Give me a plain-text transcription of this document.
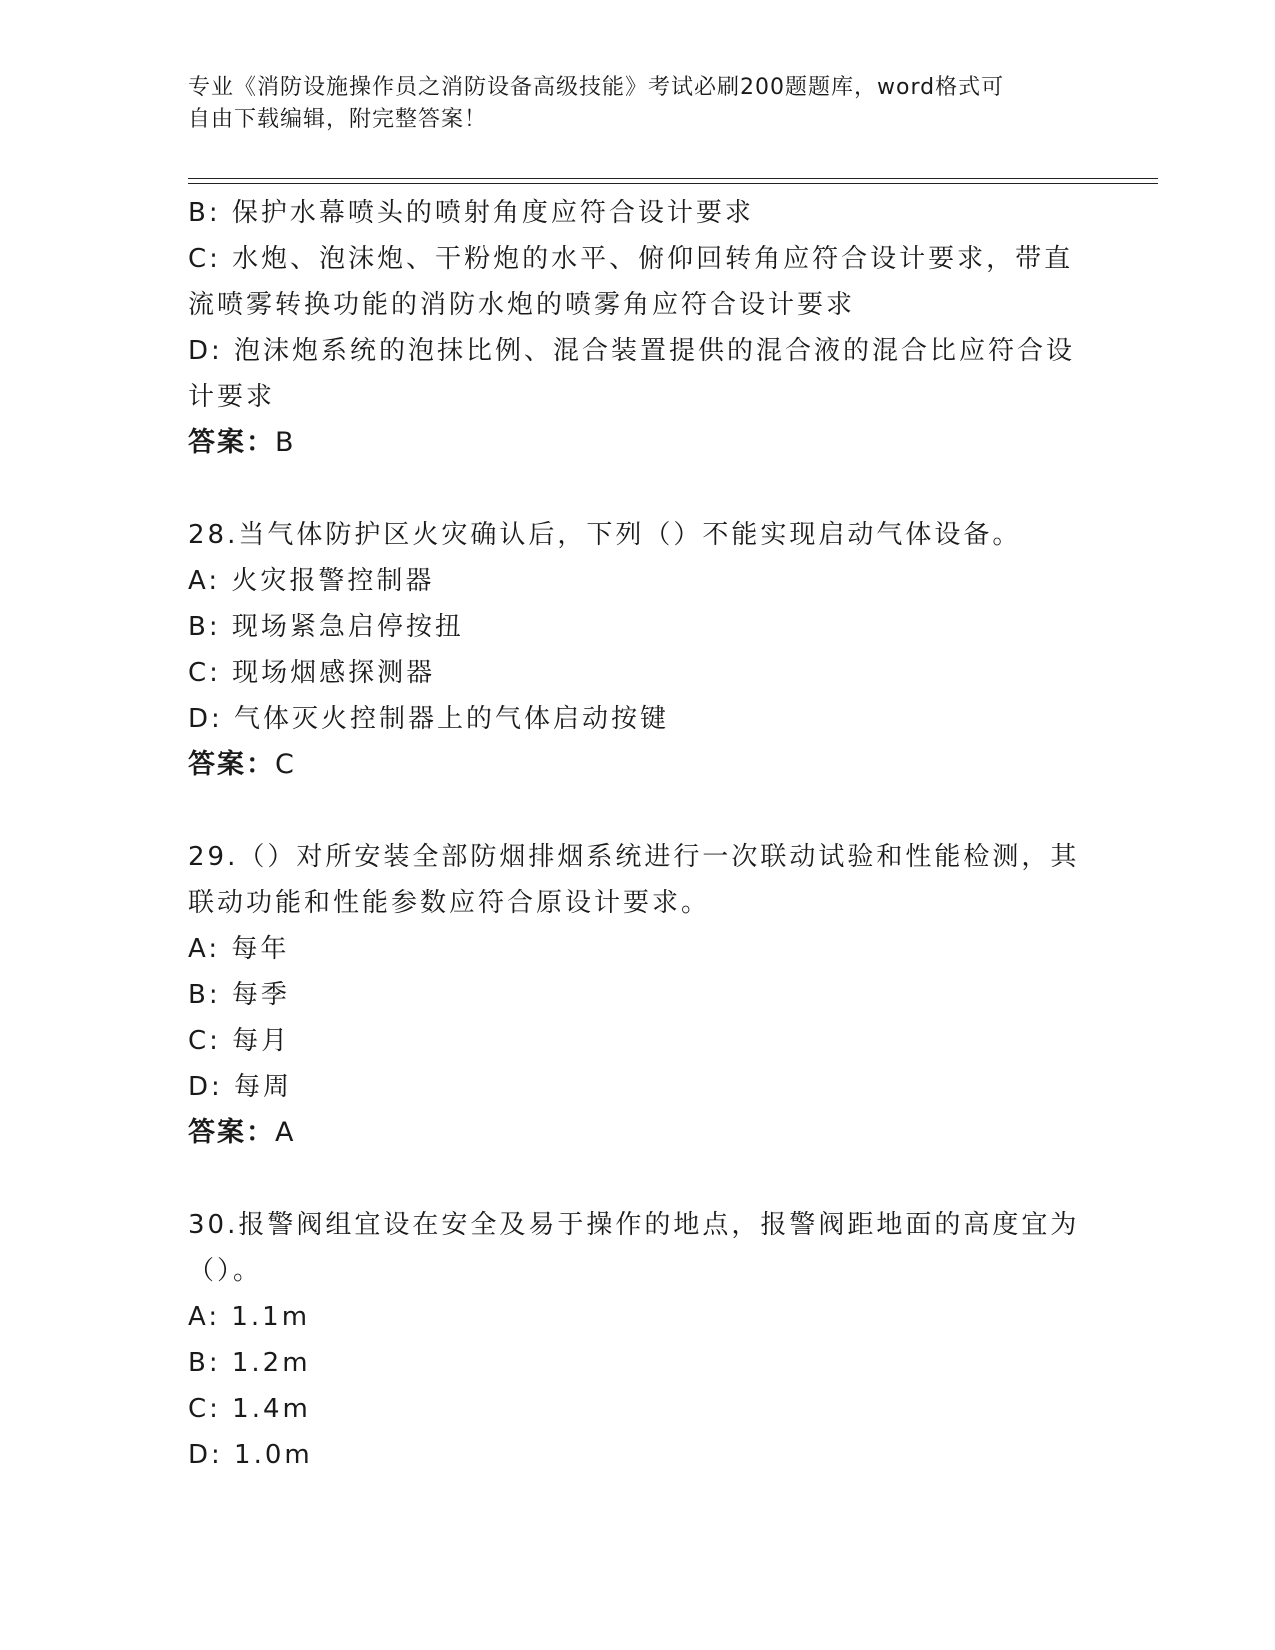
专业《消防设施操作员之消防设备高级技能》考试必刷200题题库，word格式可
自由下载编辑，附完整答案！
B: 保护水幕喷头的喷射角度应符合设计要求
C: 水炮、泡沫炮、干粉炮的水平、俯仰回转角应符合设计要求，带直流喷雾转换功能的消防水炮的喷雾角应符合设计要求
D: 泡沫炮系统的泡抹比例、混合装置提供的混合液的混合比应符合设计要求
答案：B
28.当气体防护区火灾确认后，下列（）不能实现启动气体设备。
A: 火灾报警控制器
B: 现场紧急启停按扭
C: 现场烟感探测器
D: 气体灭火控制器上的气体启动按键
答案：C
29.（）对所安装全部防烟排烟系统进行一次联动试验和性能检测，其联动功能和性能参数应符合原设计要求。
A: 每年
B: 每季
C: 每月
D: 每周
答案：A
30.报警阀组宜设在安全及易于操作的地点，报警阀距地面的高度宜为（）。
A: 1.1m
B: 1.2m
C: 1.4m
D: 1.0m
